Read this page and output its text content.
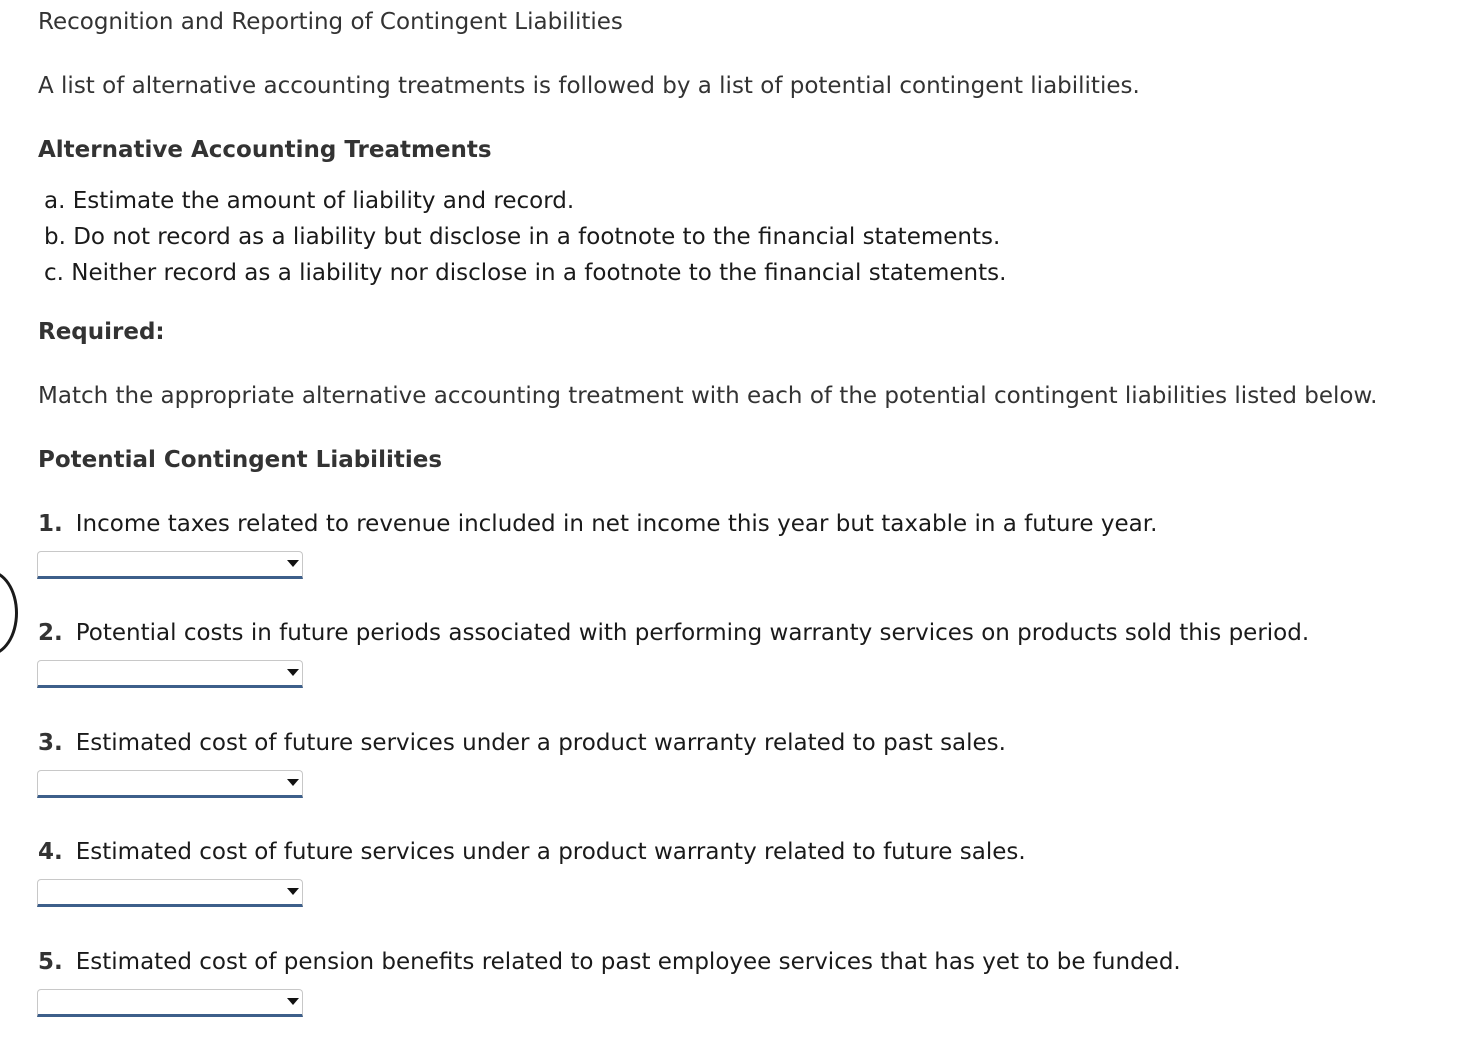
Recognition and Reporting of Contingent Liabilities
A list of alternative accounting treatments is followed by a list of potential contingent liabilities.
Alternative Accounting Treatments
a. Estimate the amount of liability and record.
b. Do not record as a liability but disclose in a footnote to the financial statements.
c. Neither record as a liability nor disclose in a footnote to the financial statements.
Required:
Match the appropriate alternative accounting treatment with each of the potential contingent liabilities listed below.
Potential Contingent Liabilities
1. Income taxes related to revenue included in net income this year but taxable in a future year.
2. Potential costs in future periods associated with performing warranty services on products sold this period.
3. Estimated cost of future services under a product warranty related to past sales.
4. Estimated cost of future services under a product warranty related to future sales.
5. Estimated cost of pension benefits related to past employee services that has yet to be funded.
